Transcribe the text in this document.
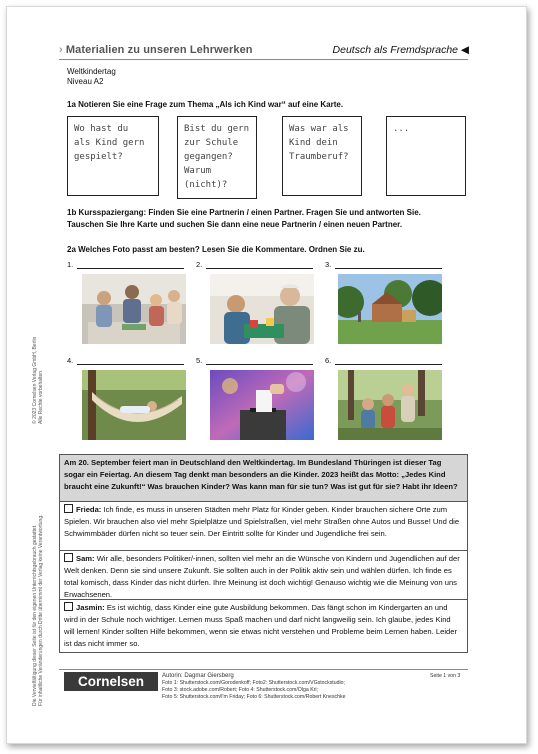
› Materialien zu unseren Lehrwerken	Deutsch als Fremdsprache ◀
Weltkindertag
Niveau A2
1a Notieren Sie eine Frage zum Thema „Als ich Kind war“ auf eine Karte.
Wo hast du
als Kind gern
gespielt?
Bist du gern
zur Schule
gegangen?
Warum
(nicht)?
Was war als
Kind dein
Traumberuf?
...
1b Kursspaziergang: Finden Sie eine Partnerin / einen Partner. Fragen Sie und antworten Sie.
Tauschen Sie Ihre Karte und suchen Sie dann eine neue Partnerin / einen neuen Partner.
2a Welches Foto passt am besten? Lesen Sie die Kommentare. Ordnen Sie zu.
1.	2.	3.
4.	5.	6.
© 2023 Cornelsen Verlag GmbH, Berlin Alle Rechte vorbehalten.
Die Vervielfältigung dieser Seite ist für den eigenen Unterrichtsgebrauch gestattet. Für inhaltliche Veränderungen durch Dritte übernimmt der Verlag keine Verantwortung.
Am 20. September feiert man in Deutschland den Weltkindertag. Im Bundesland Thüringen ist dieser Tag sogar ein Feiertag. An diesem Tag denkt man besonders an die Kinder. 2023 heißt das Motto: „Jedes Kind braucht eine Zukunft!“ Was brauchen Kinder? Was kann man für sie tun? Was ist gut für sie? Habt ihr Ideen?
Frieda: Ich finde, es muss in unseren Städten mehr Platz für Kinder geben. Kinder brauchen sichere Orte zum Spielen. Wir brauchen also viel mehr Spielplätze und Spielstraßen, viel mehr Straßen ohne Autos und Busse! Und die Schwimmbäder dürfen nicht so teuer sein. Der Eintritt sollte für Kinder und Jugendliche frei sein.
Sam: Wir alle, besonders Politiker/-innen, sollten viel mehr an die Wünsche von Kindern und Jugendlichen auf der Welt denken. Denn sie sind unsere Zukunft. Sie sollten auch in der Politik aktiv sein und wählen dürfen. Ich finde es total komisch, dass Kinder das nicht dürfen. Ihre Meinung ist doch wichtig! Genauso wichtig wie die Meinung von uns Erwachsenen.
Jasmin: Es ist wichtig, dass Kinder eine gute Ausbildung bekommen. Das fängt schon im Kindergarten an und wird in der Schule noch wichtiger. Lernen muss Spaß machen und darf nicht langweilig sein. Ich glaube, jedes Kind will lernen! Kinder sollten Hilfe bekommen, wenn sie etwas nicht verstehen und Probleme beim Lernen haben. Leider ist das nicht immer so.
Cornelsen	Autorin: Dagmar Giersberg
Foto 1: Shutterstock.com/Gorodenkoff; Foto2: Shutterstock.com/VGstockstudio;
Foto 3: stock.adobe.com/Robert; Foto 4: Shutterstock.com/Olga Kri;
Foto 5: Shutterstock.com/I'm Friday; Foto 6: Shutterstock.com/Robert Kneschke
Seite 1 von 3
